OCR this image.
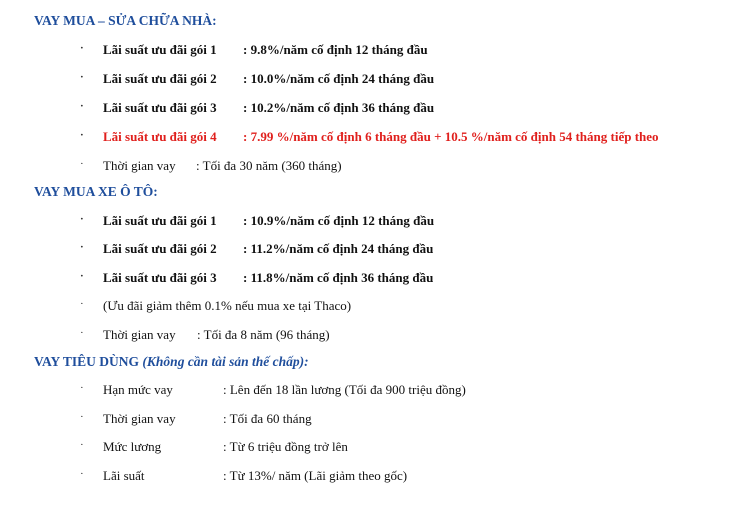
VAY MUA – SỬA CHỮA NHÀ:
· Lãi suất ưu đãi gói 1 : 9.8%/năm cố định 12 tháng đầu
· Lãi suất ưu đãi gói 2 : 10.0%/năm cố định 24 tháng đầu
· Lãi suất ưu đãi gói 3 : 10.2%/năm cố định 36 tháng đầu
· Lãi suất ưu đãi gói 4 : 7.99 %/năm cố định 6 tháng đầu + 10.5 %/năm cố định 54 tháng tiếp theo
· Thời gian vay : Tối đa 30 năm (360 tháng)
VAY MUA XE Ô TÔ:
· Lãi suất ưu đãi gói 1 : 10.9%/năm cố định 12 tháng đầu
· Lãi suất ưu đãi gói 2 : 11.2%/năm cố định 24 tháng đầu
· Lãi suất ưu đãi gói 3 : 11.8%/năm cố định 36 tháng đầu
· (Ưu đãi giảm thêm 0.1% nếu mua xe tại Thaco)
· Thời gian vay : Tối đa 8 năm (96 tháng)
VAY TIÊU DÙNG (Không cần tài sản thế chấp):
· Hạn mức vay	: Lên đến 18 lần lương (Tối đa 900 triệu đồng)
· Thời gian vay	: Tối đa 60 tháng
· Mức lương	: Từ 6 triệu đồng trở lên
· Lãi suất	: Từ 13%/ năm (Lãi giảm theo gốc)
